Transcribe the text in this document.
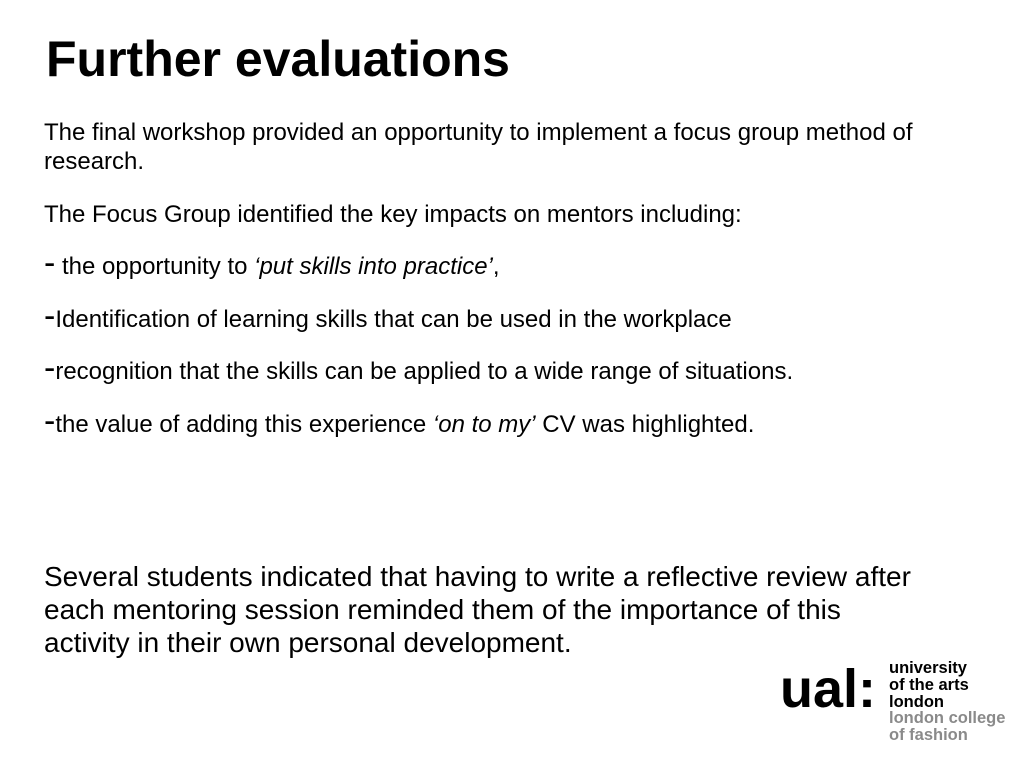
Further evaluations

The final workshop provided an opportunity to implement a focus group method of research.

The Focus Group identified the key impacts on mentors including:

- the opportunity to ‘put skills into practice’,
-Identification of learning skills that can be used in the workplace
-recognition that the skills can be applied to a wide range of situations.
-the value of adding this experience ‘on to my’ CV was highlighted.

Several students indicated that having to write a reflective review after each mentoring session reminded them of the importance of this activity in their own personal development.

ual: university
of the arts
london
london college
of fashion
